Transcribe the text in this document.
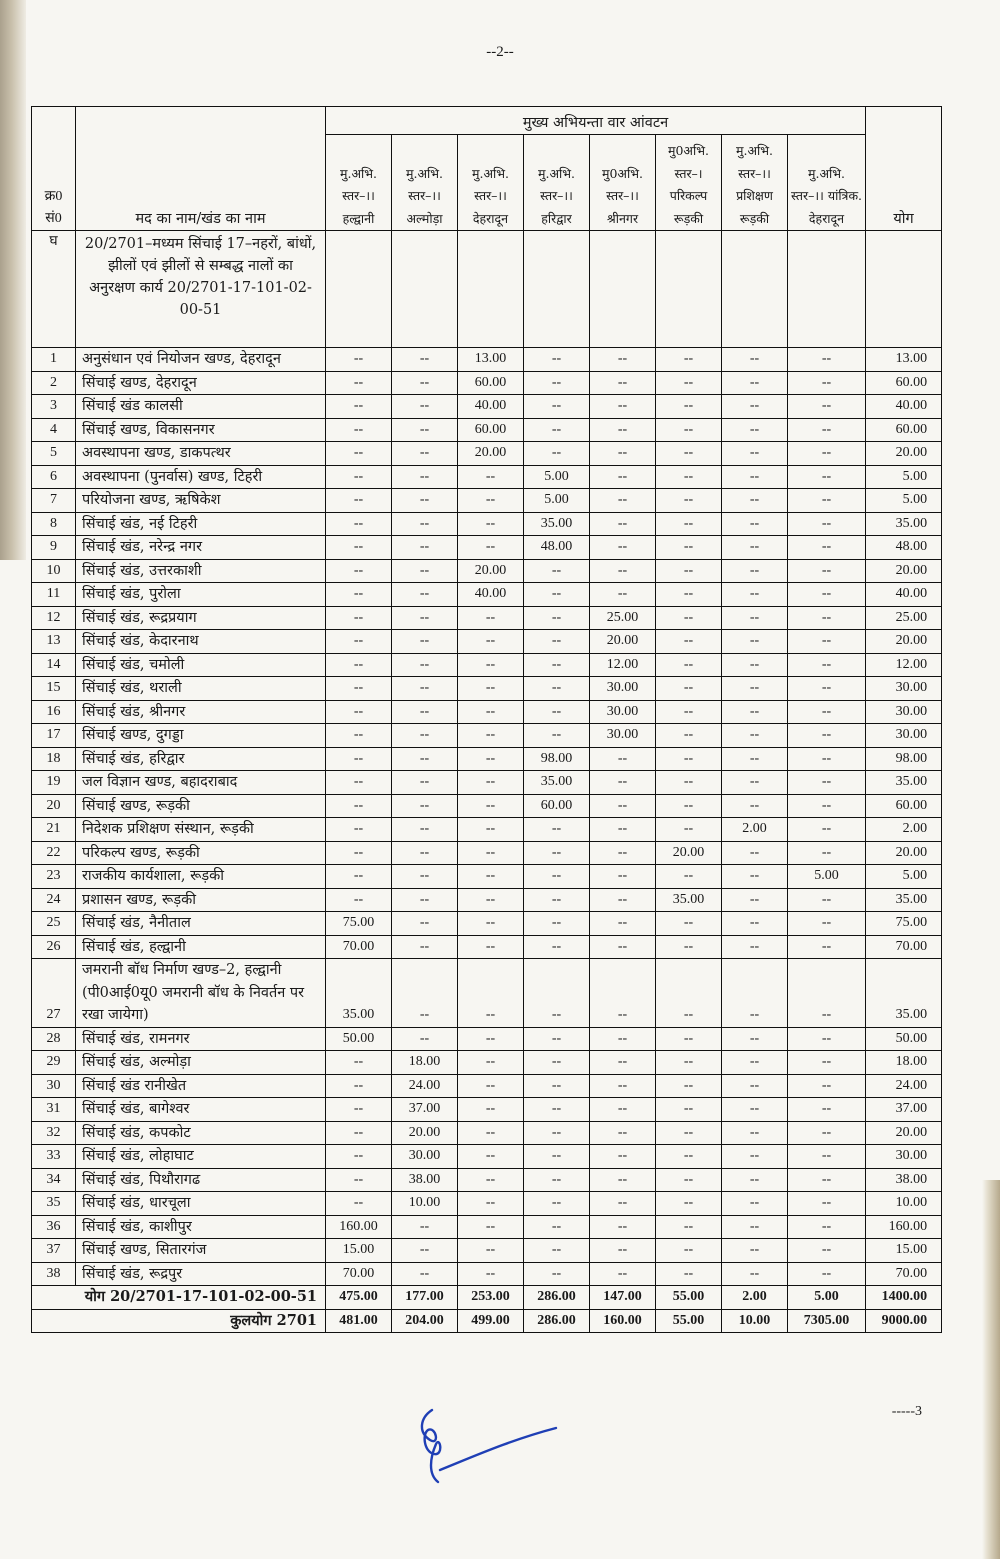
--2--
क्र0 सं0	मद का नाम/खंड का नाम	मुख्य अभियन्ता वार आंवटन								योग
		मु.अभि. स्तर–।। हल्द्वानी	मु.अभि. स्तर–।। अल्मोड़ा	मु.अभि. स्तर–।। देहरादून	मु.अभि. स्तर–।। हरिद्वार	मु0अभि. स्तर–।। श्रीनगर	मु0अभि. स्तर–। परिकल्प रूड़की	मु.अभि. स्तर–।। प्रशिक्षण रूड़की	मु.अभि. स्तर–।। यांत्रिक. देहरादून	
घ	20/2701–मध्यम सिंचाई 17–नहरों, बांधों, झीलों एवं झीलों से सम्बद्ध नालों का अनुरक्षण कार्य 20/2701-17-101-02-00-51									
1	अनुसंधान एवं नियोजन खण्ड, देहरादून	--	--	13.00	--	--	--	--	--	13.00
2	सिंचाई खण्ड, देहरादून	--	--	60.00	--	--	--	--	--	60.00
3	सिंचाई खंड कालसी	--	--	40.00	--	--	--	--	--	40.00
4	सिंचाई खण्ड, विकासनगर	--	--	60.00	--	--	--	--	--	60.00
5	अवस्थापना खण्ड, डाकपत्थर	--	--	20.00	--	--	--	--	--	20.00
6	अवस्थापना (पुनर्वास) खण्ड, टिहरी	--	--	--	5.00	--	--	--	--	5.00
7	परियोजना खण्ड, ऋषिकेश	--	--	--	5.00	--	--	--	--	5.00
8	सिंचाई खंड, नई टिहरी	--	--	--	35.00	--	--	--	--	35.00
9	सिंचाई खंड, नरेन्द्र नगर	--	--	--	48.00	--	--	--	--	48.00
10	सिंचाई खंड, उत्तरकाशी	--	--	20.00	--	--	--	--	--	20.00
11	सिंचाई खंड, पुरोला	--	--	40.00	--	--	--	--	--	40.00
12	सिंचाई खंड, रूद्रप्रयाग	--	--	--	--	25.00	--	--	--	25.00
13	सिंचाई खंड, केदारनाथ	--	--	--	--	20.00	--	--	--	20.00
14	सिंचाई खंड, चमोली	--	--	--	--	12.00	--	--	--	12.00
15	सिंचाई खंड, थराली	--	--	--	--	30.00	--	--	--	30.00
16	सिंचाई खंड, श्रीनगर	--	--	--	--	30.00	--	--	--	30.00
17	सिंचाई खण्ड, दुगड्डा	--	--	--	--	30.00	--	--	--	30.00
18	सिंचाई खंड, हरिद्वार	--	--	--	98.00	--	--	--	--	98.00
19	जल विज्ञान खण्ड, बहादराबाद	--	--	--	35.00	--	--	--	--	35.00
20	सिंचाई खण्ड, रूड़की	--	--	--	60.00	--	--	--	--	60.00
21	निदेशक प्रशिक्षण संस्थान, रूड़की	--	--	--	--	--	--	2.00	--	2.00
22	परिकल्प खण्ड, रूड़की	--	--	--	--	--	20.00	--	--	20.00
23	राजकीय कार्यशाला, रूड़की	--	--	--	--	--	--	--	5.00	5.00
24	प्रशासन खण्ड, रूड़की	--	--	--	--	--	35.00	--	--	35.00
25	सिंचाई खंड, नैनीताल	75.00	--	--	--	--	--	--	--	75.00
26	सिंचाई खंड, हल्द्वानी	70.00	--	--	--	--	--	--	--	70.00
27	जमरानी बॉध निर्माण खण्ड–2, हल्द्वानी (पी0आई0यू0 जमरानी बॉध के निवर्तन पर रखा जायेगा)	35.00	--	--	--	--	--	--	--	35.00
28	सिंचाई खंड, रामनगर	50.00	--	--	--	--	--	--	--	50.00
29	सिंचाई खंड, अल्मोड़ा	--	18.00	--	--	--	--	--	--	18.00
30	सिंचाई खंड रानीखेत	--	24.00	--	--	--	--	--	--	24.00
31	सिंचाई खंड, बागेश्वर	--	37.00	--	--	--	--	--	--	37.00
32	सिंचाई खंड, कपकोट	--	20.00	--	--	--	--	--	--	20.00
33	सिंचाई खंड, लोहाघाट	--	30.00	--	--	--	--	--	--	30.00
34	सिंचाई खंड, पिथौरागढ	--	38.00	--	--	--	--	--	--	38.00
35	सिंचाई खंड, धारचूला	--	10.00	--	--	--	--	--	--	10.00
36	सिंचाई खंड, काशीपुर	160.00	--	--	--	--	--	--	--	160.00
37	सिंचाई खण्ड, सितारगंज	15.00	--	--	--	--	--	--	--	15.00
38	सिंचाई खंड, रूद्रपुर	70.00	--	--	--	--	--	--	--	70.00
योग 20/2701-17-101-02-00-51		475.00	177.00	253.00	286.00	147.00	55.00	2.00	5.00	1400.00
कुलयोग 2701		481.00	204.00	499.00	286.00	160.00	55.00	10.00	7305.00	9000.00
-----3
